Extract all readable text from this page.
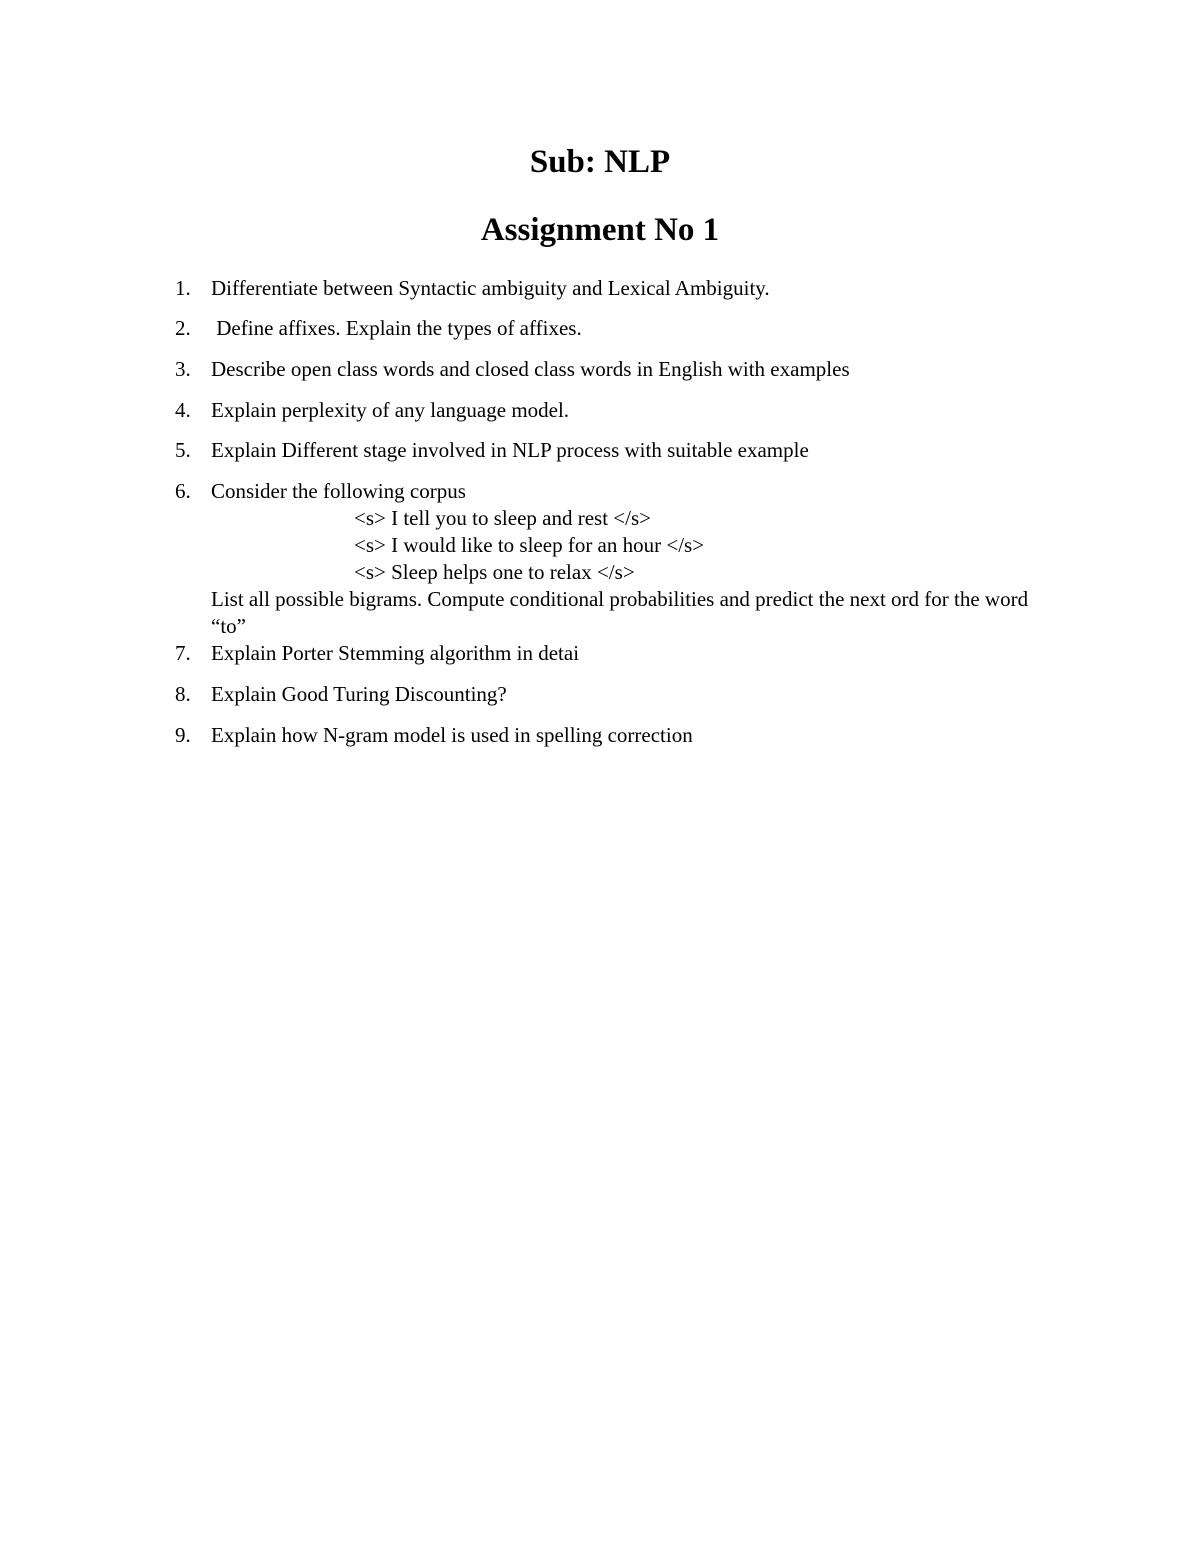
Sub: NLP
Assignment No 1
1. Differentiate between Syntactic ambiguity and Lexical Ambiguity.
2. Define affixes. Explain the types of affixes.
3. Describe open class words and closed class words in English with examples
4. Explain perplexity of any language model.
5. Explain Different stage involved in NLP process with suitable example
6. Consider the following corpus
7. Explain Porter Stemming algorithm in detai
8. Explain Good Turing Discounting?
9. Explain how N-gram model is used in spelling correction
<s> I tell you to sleep and rest </s>
<s> I would like to sleep for an hour </s>
<s> Sleep helps one to relax </s>
List all possible bigrams. Compute conditional probabilities and predict the next ord for the word “to”
